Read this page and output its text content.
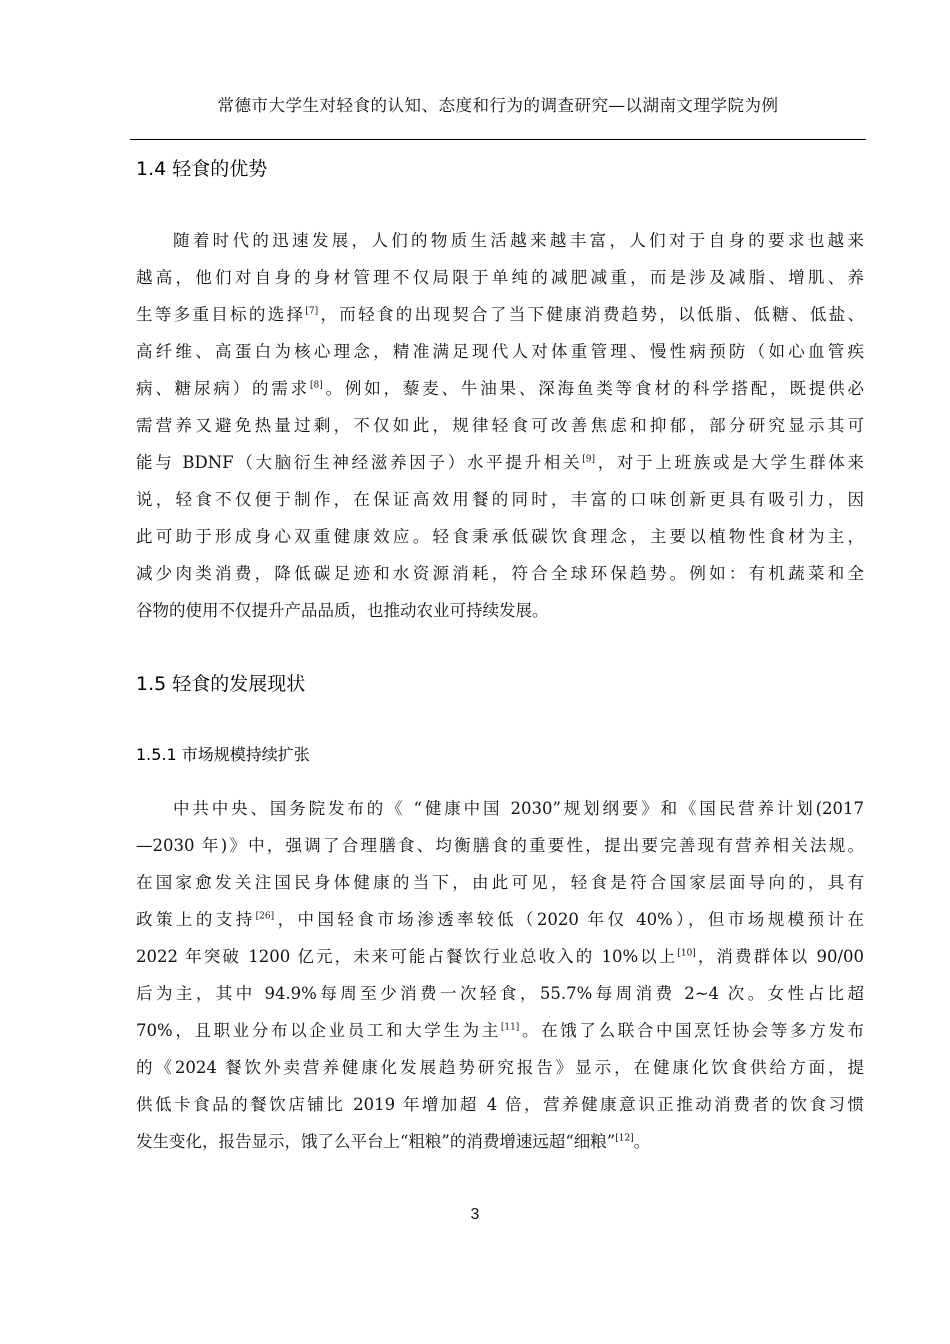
常德市大学生对轻食的认知、态度和行为的调查研究—以湖南文理学院为例
1.4 轻食的优势
随着时代的迅速发展，人们的物质生活越来越丰富，人们对于自身的要求也越来
越高，他们对自身的身材管理不仅局限于单纯的减肥减重，而是涉及减脂、增肌、养
生等多重目标的选择[7]，而轻食的出现契合了当下健康消费趋势，以低脂、低糖、低盐、
高纤维、高蛋白为核心理念，精准满足现代人对体重管理、慢性病预防（如心血管疾
病、糖尿病）的需求[8]。例如，藜麦、牛油果、深海鱼类等食材的科学搭配，既提供必
需营养又避免热量过剩，不仅如此，规律轻食可改善焦虑和抑郁，部分研究显示其可
能与 BDNF（大脑衍生神经滋养因子）水平提升相关[9]，对于上班族或是大学生群体来
说，轻食不仅便于制作，在保证高效用餐的同时，丰富的口味创新更具有吸引力，因
此可助于形成身心双重健康效应。轻食秉承低碳饮食理念，主要以植物性食材为主，
减少肉类消费，降低碳足迹和水资源消耗，符合全球环保趋势。例如：有机蔬菜和全
谷物的使用不仅提升产品品质，也推动农业可持续发展。
1.5 轻食的发展现状
1.5.1 市场规模持续扩张
中共中央、国务院发布的《 “健康中国 2030”规划纲要》和《国民营养计划(2017
—2030 年)》中，强调了合理膳食、均衡膳食的重要性，提出要完善现有营养相关法规。
在国家愈发关注国民身体健康的当下，由此可见，轻食是符合国家层面导向的，具有
政策上的支持[26]，中国轻食市场渗透率较低（2020 年仅 40%），但市场规模预计在
2022 年突破 1200 亿元，未来可能占餐饮行业总收入的 10%以上[10]，消费群体以 90/00
后为主，其中 94.9%每周至少消费一次轻食，55.7%每周消费 2~4 次。女性占比超
70%，且职业分布以企业员工和大学生为主[11]。在饿了么联合中国烹饪协会等多方发布
的《2024 餐饮外卖营养健康化发展趋势研究报告》显示，在健康化饮食供给方面，提
供低卡食品的餐饮店铺比 2019 年增加超 4 倍，营养健康意识正推动消费者的饮食习惯
发生变化，报告显示，饿了么平台上“粗粮”的消费增速远超“细粮”[12]。
3
